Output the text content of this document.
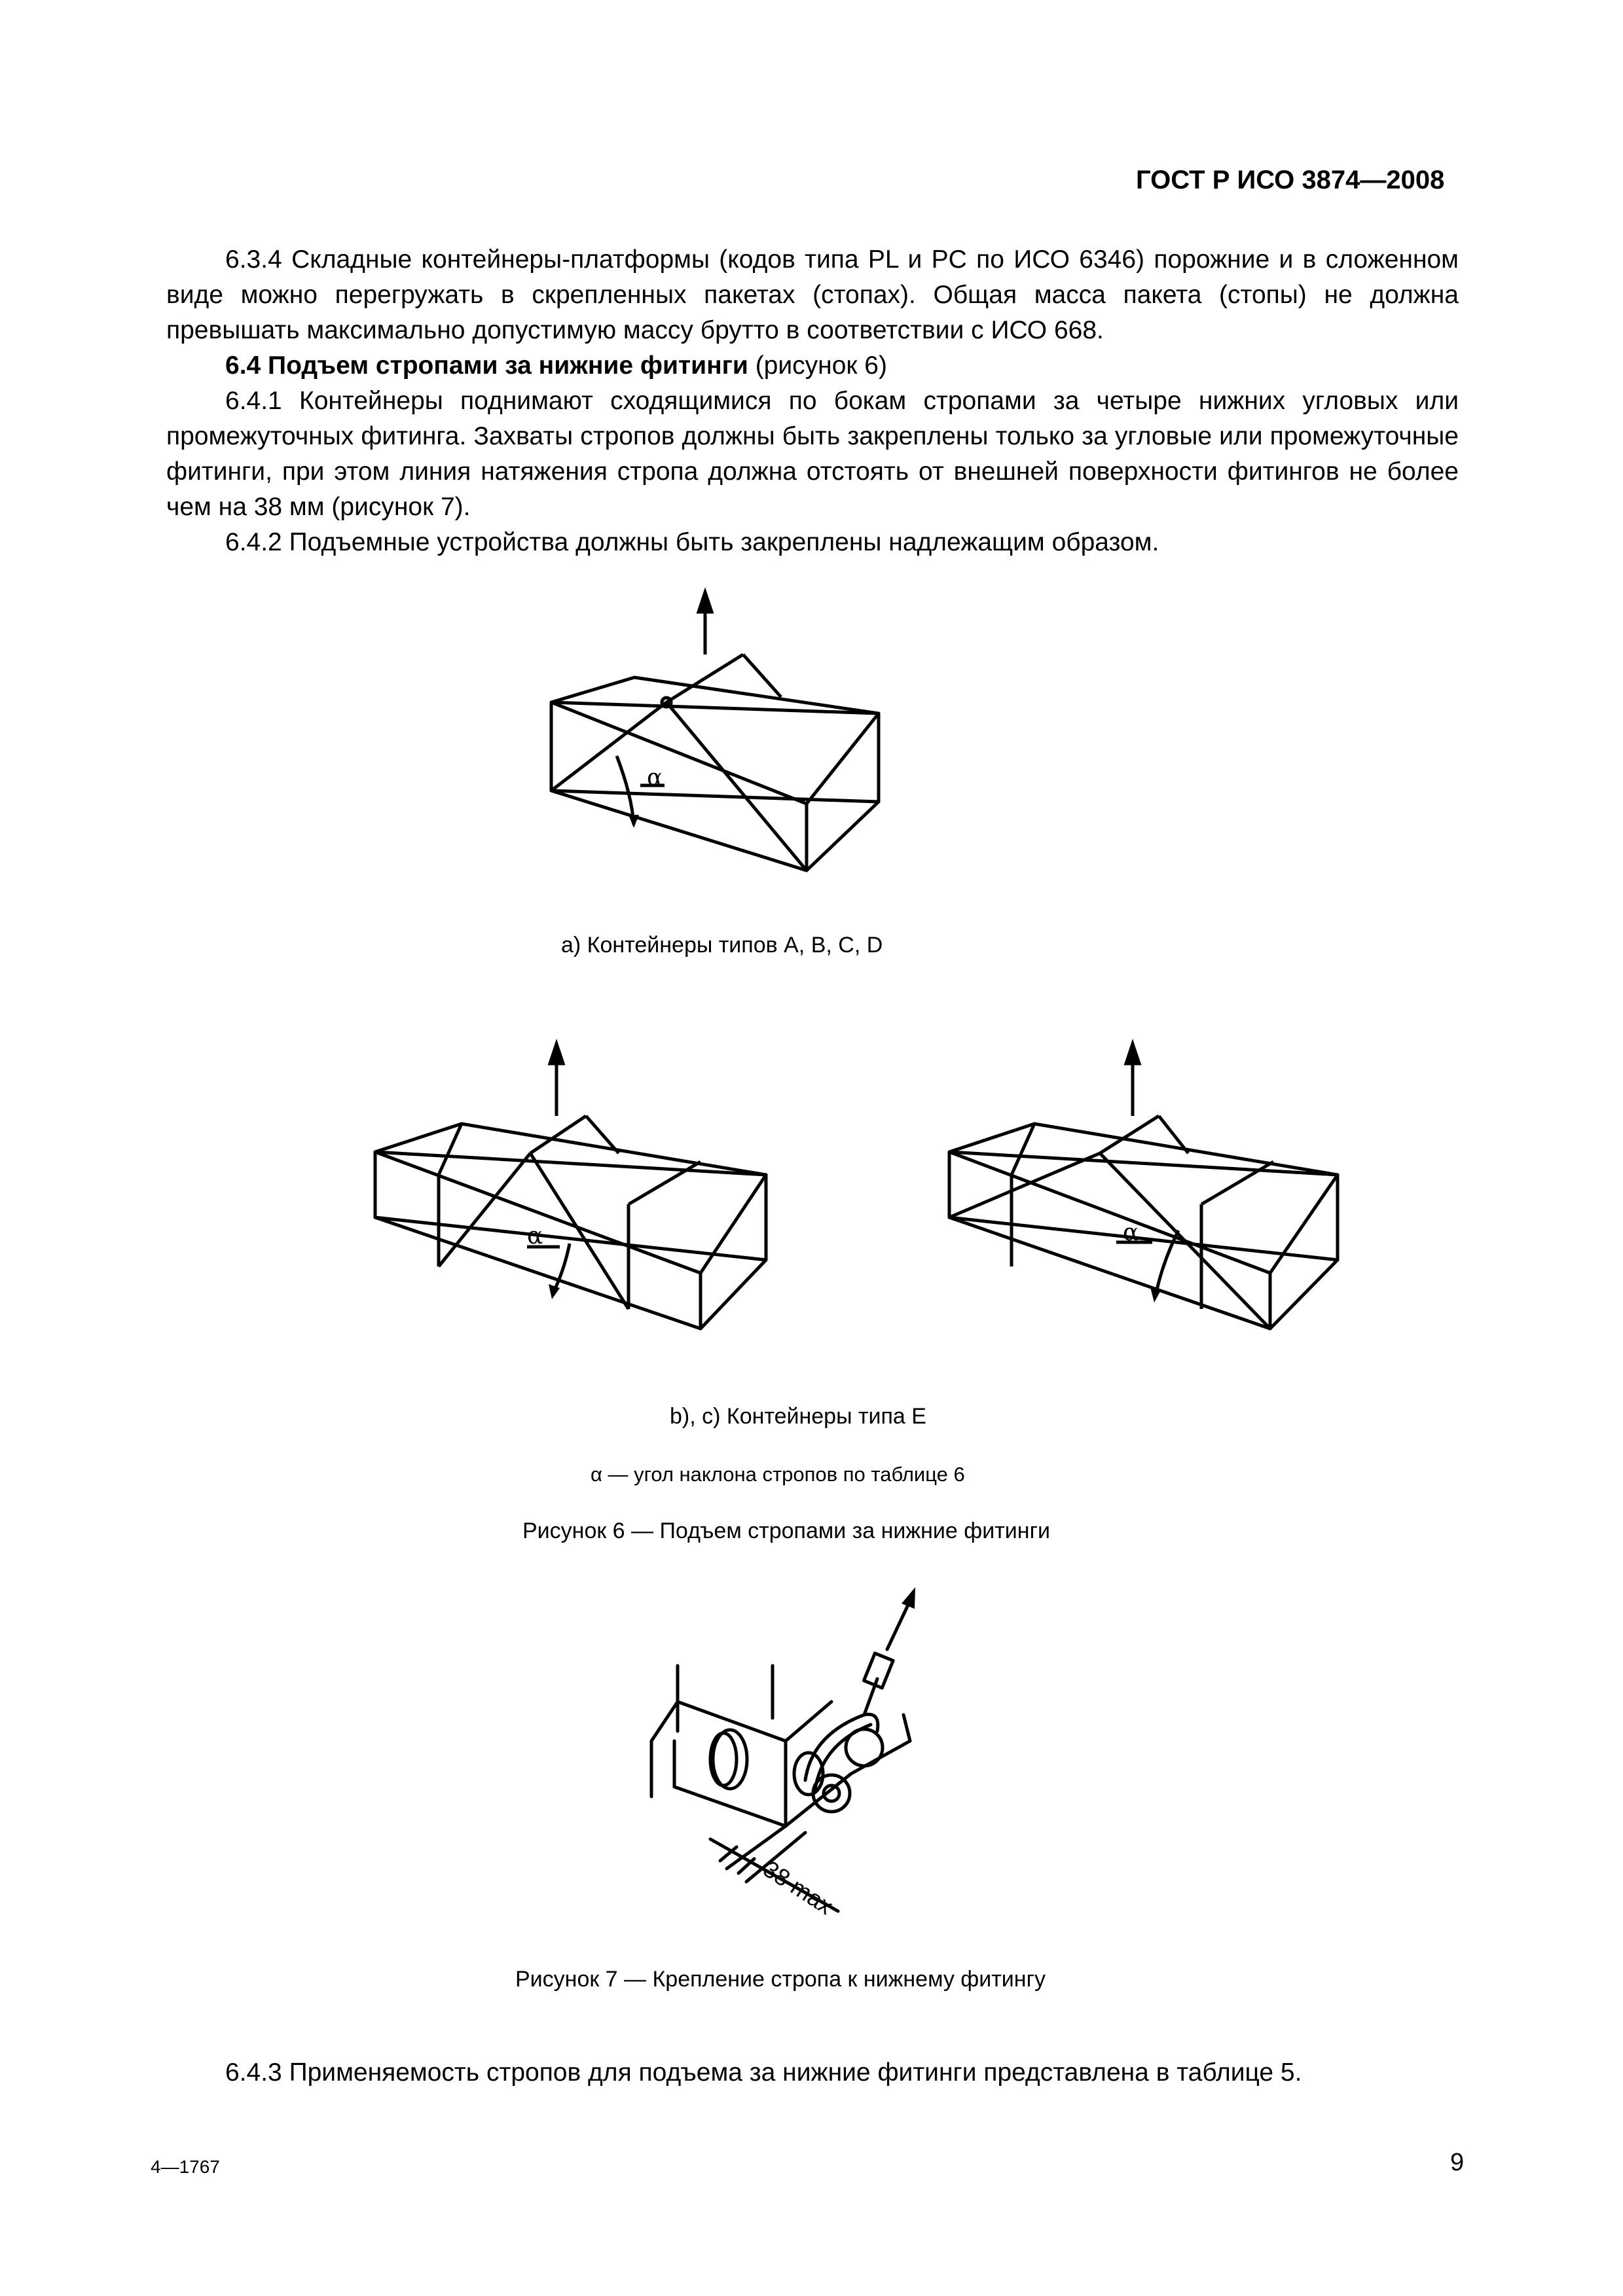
ГОСТ Р ИСО 3874—2008
6.3.4 Складные контейнеры-платформы (кодов типа PL и PC по ИСО 6346) порожние и в сложенном виде можно перегружать в скрепленных пакетах (стопах). Общая масса пакета (стопы) не должна превышать максимально допустимую массу брутто в соответствии с ИСО 668.
6.4 Подъем стропами за нижние фитинги (рисунок 6)
6.4.1 Контейнеры поднимают сходящимися по бокам стропами за четыре нижних угловых или промежуточных фитинга. Захваты стропов должны быть закреплены только за угловые или промежуточные фитинги, при этом линия натяжения стропа должна отстоять от внешней поверхности фитингов не более чем на 38 мм (рисунок 7).
6.4.2 Подъемные устройства должны быть закреплены надлежащим образом.
α
а) Контейнеры типов A, B, C, D
α	α
b), c) Контейнеры типа E
α — угол наклона стропов по таблице 6
Рисунок 6 — Подъем стропами за нижние фитинги
38 max
Рисунок 7 — Крепление стропа к нижнему фитингу
6.4.3 Применяемость стропов для подъема за нижние фитинги представлена в таблице 5.
4—1767	9
